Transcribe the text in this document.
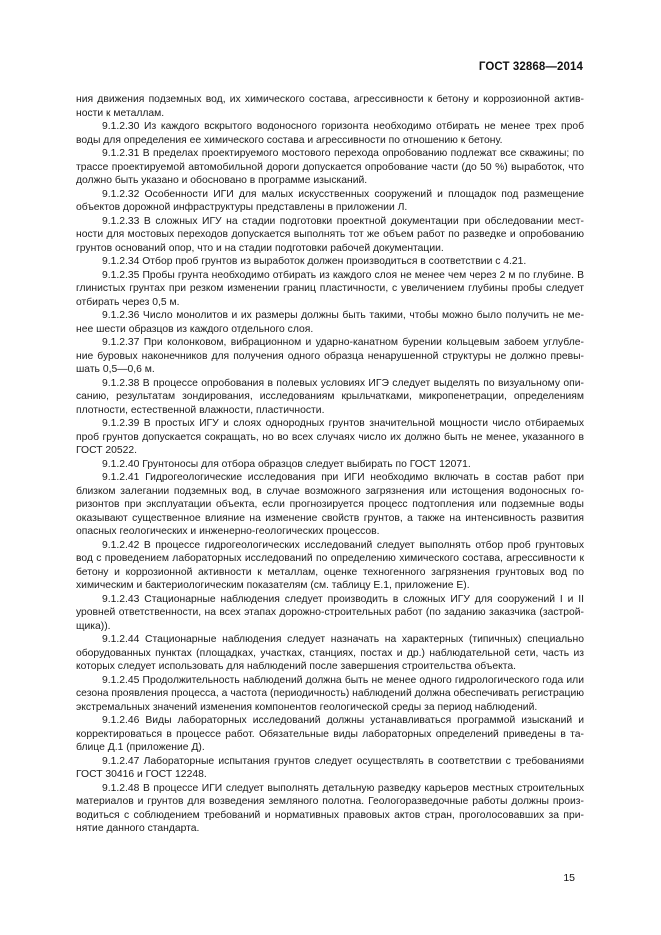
ГОСТ 32868—2014

ния движения подземных вод, их химического состава, агрессивности к бетону и коррозионной активности к металлам.

9.1.2.30 Из каждого вскрытого водоносного горизонта необходимо отбирать не менее трех проб воды для определения ее химического состава и агрессивности по отношению к бетону.

9.1.2.31 В пределах проектируемого мостового перехода опробованию подлежат все скважины; по трассе проектируемой автомобильной дороги допускается опробование части (до 50 %) выработок, что должно быть указано и обосновано в программе изысканий.

9.1.2.32 Особенности ИГИ для малых искусственных сооружений и площадок под размещение объектов дорожной инфраструктуры представлены в приложении Л.

9.1.2.33 В сложных ИГУ на стадии подготовки проектной документации при обследовании местности для мостовых переходов допускается выполнять тот же объем работ по разведке и опробованию грунтов оснований опор, что и на стадии подготовки рабочей документации.

9.1.2.34 Отбор проб грунтов из выработок должен производиться в соответствии с 4.21.

9.1.2.35 Пробы грунта необходимо отбирать из каждого слоя не менее чем через 2 м по глубине. В глинистых грунтах при резком изменении границ пластичности, с увеличением глубины пробы следует отбирать через 0,5 м.

9.1.2.36 Число монолитов и их размеры должны быть такими, чтобы можно было получить не менее шести образцов из каждого отдельного слоя.

9.1.2.37 При колонковом, вибрационном и ударно-канатном бурении кольцевым забоем углубление буровых наконечников для получения одного образца ненарушенной структуры не должно превышать 0,5—0,6 м.

9.1.2.38 В процессе опробования в полевых условиях ИГЭ следует выделять по визуальному описанию, результатам зондирования, исследованиям крыльчатками, микропенетрации, определениям плотности, естественной влажности, пластичности.

9.1.2.39 В простых ИГУ и слоях однородных грунтов значительной мощности число отбираемых проб грунтов допускается сокращать, но во всех случаях число их должно быть не менее, указанного в ГОСТ 20522.

9.1.2.40 Грунтоносы для отбора образцов следует выбирать по ГОСТ 12071.

9.1.2.41 Гидрогеологические исследования при ИГИ необходимо включать в состав работ при близком залегании подземных вод, в случае возможного загрязнения или истощения водоносных горизонтов при эксплуатации объекта, если прогнозируется процесс подтопления или подземные воды оказывают существенное влияние на изменение свойств грунтов, а также на интенсивность развития опасных геологических и инженерно-геологических процессов.

9.1.2.42 В процессе гидрогеологических исследований следует выполнять отбор проб грунтовых вод с проведением лабораторных исследований по определению химического состава, агрессивности к бетону и коррозионной активности к металлам, оценке техногенного загрязнения грунтовых вод по химическим и бактериологическим показателям (см. таблицу Е.1, приложение Е).

9.1.2.43 Стационарные наблюдения следует производить в сложных ИГУ для сооружений I и II уровней ответственности, на всех этапах дорожно-строительных работ (по заданию заказчика (застройщика)).

9.1.2.44 Стационарные наблюдения следует назначать на характерных (типичных) специально оборудованных пунктах (площадках, участках, станциях, постах и др.) наблюдательной сети, часть из которых следует использовать для наблюдений после завершения строительства объекта.

9.1.2.45 Продолжительность наблюдений должна быть не менее одного гидрологического года или сезона проявления процесса, а частота (периодичность) наблюдений должна обеспечивать регистрацию экстремальных значений изменения компонентов геологической среды за период наблюдений.

9.1.2.46 Виды лабораторных исследований должны устанавливаться программой изысканий и корректироваться в процессе работ. Обязательные виды лабораторных определений приведены в таблице Д.1 (приложение Д).

9.1.2.47 Лабораторные испытания грунтов следует осуществлять в соответствии с требованиями ГОСТ 30416 и ГОСТ 12248.

9.1.2.48 В процессе ИГИ следует выполнять детальную разведку карьеров местных строительных материалов и грунтов для возведения земляного полотна. Геологоразведочные работы должны производиться с соблюдением требований и нормативных правовых актов стран, проголосовавших за принятие данного стандарта.

15
